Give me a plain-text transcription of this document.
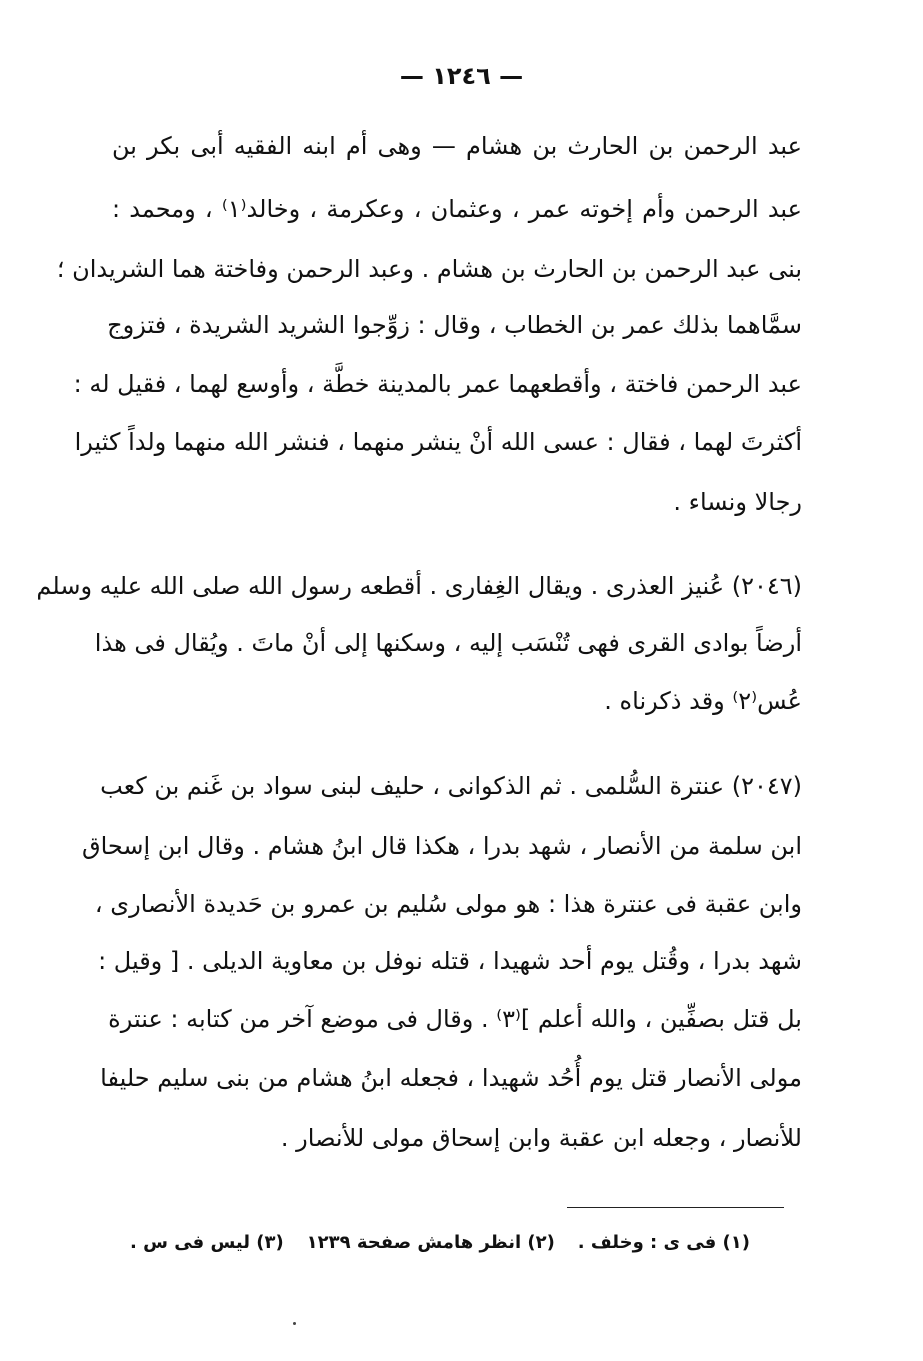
— ١٢٤٦ —
عبد الرحمن بن الحارث بن هشام — وهى أم ابنه الفقيه أبى بكر بن
عبد الرحمن وأم إخوته عمر ، وعثمان ، وعكرمة ، وخالد⁽١⁾ ، ومحمد :
بنى عبد الرحمن بن الحارث بن هشام . وعبد الرحمن وفاختة هما الشريدان ؛
سمَّاهما بذلك عمر بن الخطاب ، وقال : زوِّجوا الشريد الشريدة ، فتزوج
عبد الرحمن فاختة ، وأقطعهما عمر بالمدينة خطَّة ، وأوسع لهما ، فقيل له :
أكثرتَ لهما ، فقال : عسى الله أنْ ينشر منهما ، فنشر الله منهما ولداً كثيرا
رجالا ونساء .
(٢٠٤٦) عُنيز العذرى . ويقال الغِفارى . أقطعه رسول الله صلى الله عليه وسلم
أرضاً بوادى القرى فهى تُنْسَب إليه ، وسكنها إلى أنْ ماتَ . ويُقال فى هذا
عُس⁽٢⁾ وقد ذكرناه .
(٢٠٤٧) عنترة السُّلمى . ثم الذكوانى ، حليف لبنى سواد بن غَنم بن كعب
ابن سلمة من الأنصار ، شهد بدرا ، هكذا قال ابنُ هشام . وقال ابن إسحاق
وابن عقبة فى عنترة هذا : هو مولى سُليم بن عمرو بن حَديدة الأنصارى ،
شهد بدرا ، وقُتل يوم أحد شهيدا ، قتله نوفل بن معاوية الديلى . [ وقيل :
بل قتل بصفِّين ، والله أعلم ]⁽٣⁾ . وقال فى موضع آخر من كتابه : عنترة
مولى الأنصار قتل يوم أُحُد شهيدا ، فجعله ابنُ هشام من بنى سليم حليفا
للأنصار ، وجعله ابن عقبة وابن إسحاق مولى للأنصار .
(١) فى ى : وخلف .
(٢) انظر هامش صفحة ١٢٣٩
(٣) ليس فى س .
